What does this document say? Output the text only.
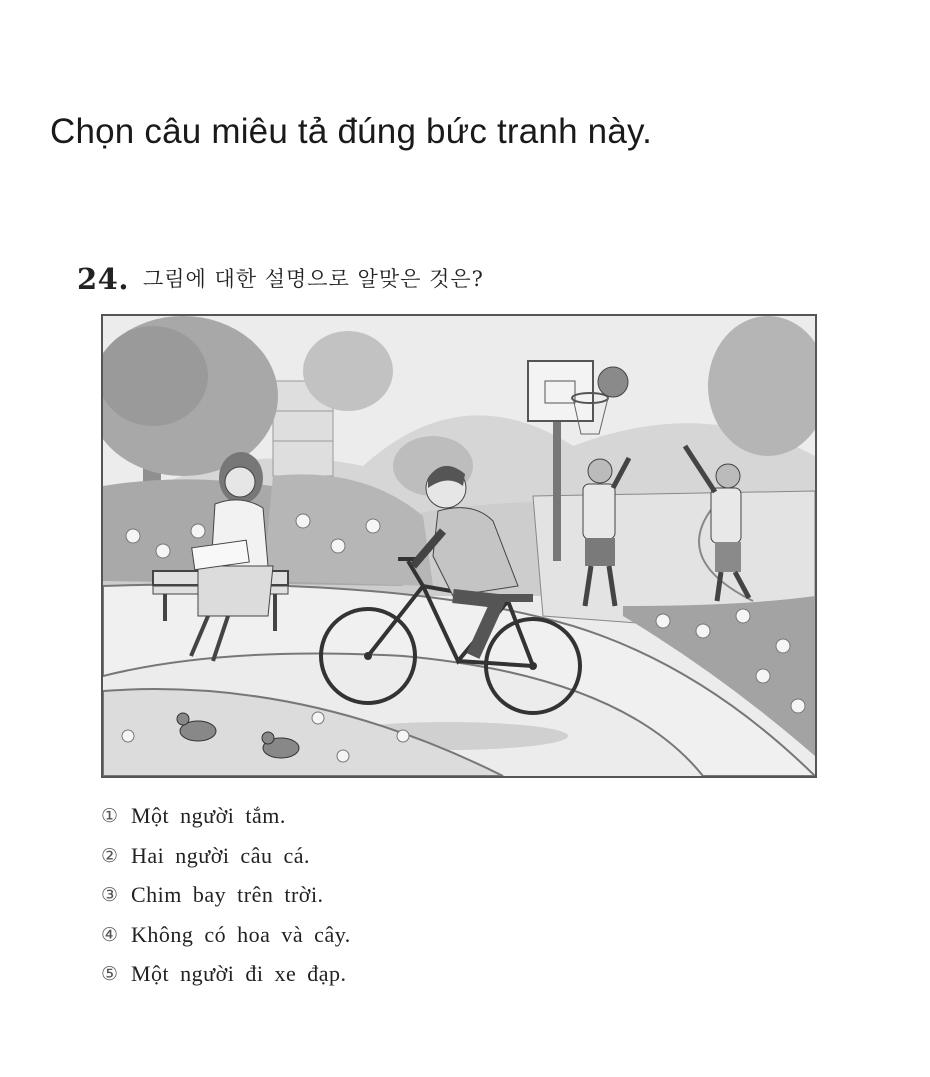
Chọn câu miêu tả đúng bức tranh này.
24. 그림에 대한 설명으로 알맞은 것은?
① Một người tắm.
② Hai người câu cá.
③ Chim bay trên trời.
④ Không có hoa và cây.
⑤ Một người đi xe đạp.
